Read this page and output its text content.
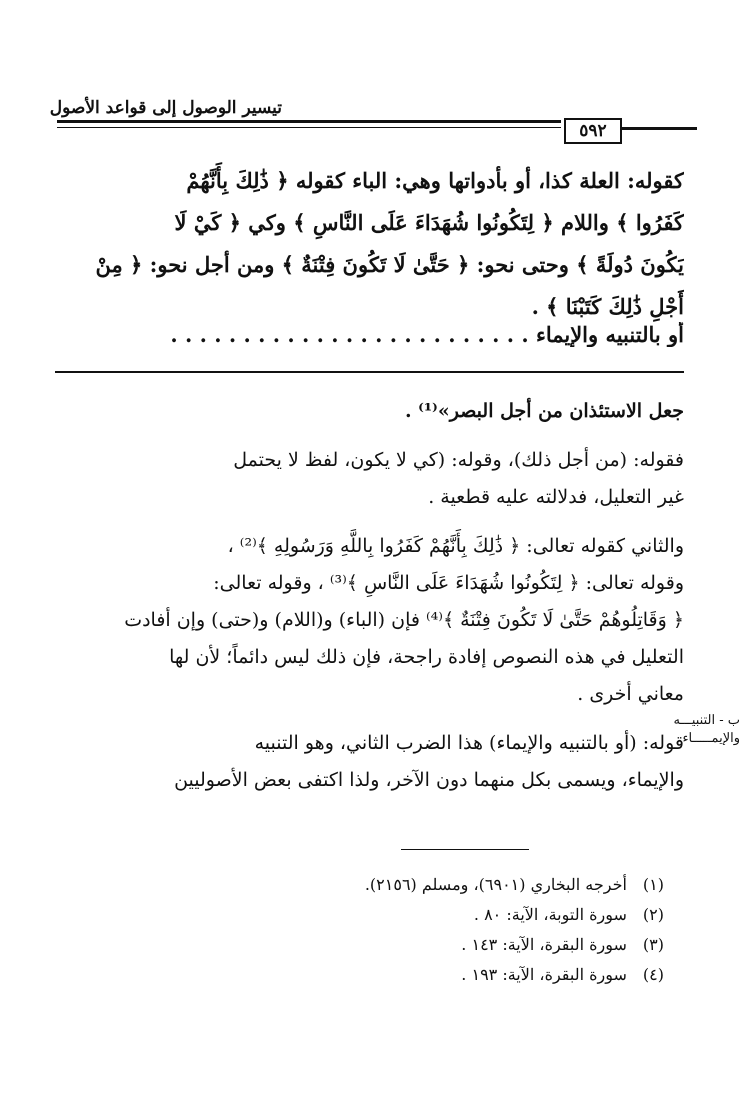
تيسير الوصول إلى قواعد الأصول
٥٩٢
كقوله: العلة كذا، أو بأدواتها وهي: الباء كقوله ﴿ ذَٰلِكَ بِأَنَّهُمْ
كَفَرُوا ﴾ واللام ﴿ لِتَكُونُوا شُهَدَاءَ عَلَى النَّاسِ ﴾ وكي ﴿ كَيْ لَا
يَكُونَ دُولَةً ﴾ وحتى نحو: ﴿ حَتَّىٰ لَا تَكُونَ فِتْنَةٌ ﴾ ومن أجل نحو: ﴿ مِنْ
أَجْلِ ذَٰلِكَ كَتَبْنَا ﴾ .
أو بالتنبيه والإيماء . . . . . . . . . . . . . . . . . . . . . . . . .
جعل الاستئذان من أجل البصر»⁽¹⁾ .
فقوله: (من أجل ذلك)، وقوله: (كي لا يكون، لفظ لا يحتمل
غير التعليل، فدلالته عليه قطعية .
والثاني كقوله تعالى: ﴿ ذَٰلِكَ بِأَنَّهُمْ كَفَرُوا بِاللَّهِ وَرَسُولِهِ ﴾⁽²⁾ ،
وقوله تعالى: ﴿ لِتَكُونُوا شُهَدَاءَ عَلَى النَّاسِ ﴾⁽³⁾ ، وقوله تعالى:
﴿ وَقَاتِلُوهُمْ حَتَّىٰ لَا تَكُونَ فِتْنَةٌ ﴾⁽⁴⁾ فإن (الباء) و(اللام) و(حتى) وإن أفادت
التعليل في هذه النصوص إفادة راجحة، فإن ذلك ليس دائماً؛ لأن لها
معاني أخرى .
قوله: (أو بالتنبيه والإيماء) هذا الضرب الثاني، وهو التنبيه
والإيماء، ويسمى بكل منهما دون الآخر، ولذا اكتفى بعض الأصوليين
ب - التنبيـــه
والإيمـــــاء
(١) أخرجه البخاري (٦٩٠١)، ومسلم (٢١٥٦).
(٢) سورة التوبة، الآية: ٨٠ .
(٣) سورة البقرة، الآية: ١٤٣ .
(٤) سورة البقرة، الآية: ١٩٣ .
